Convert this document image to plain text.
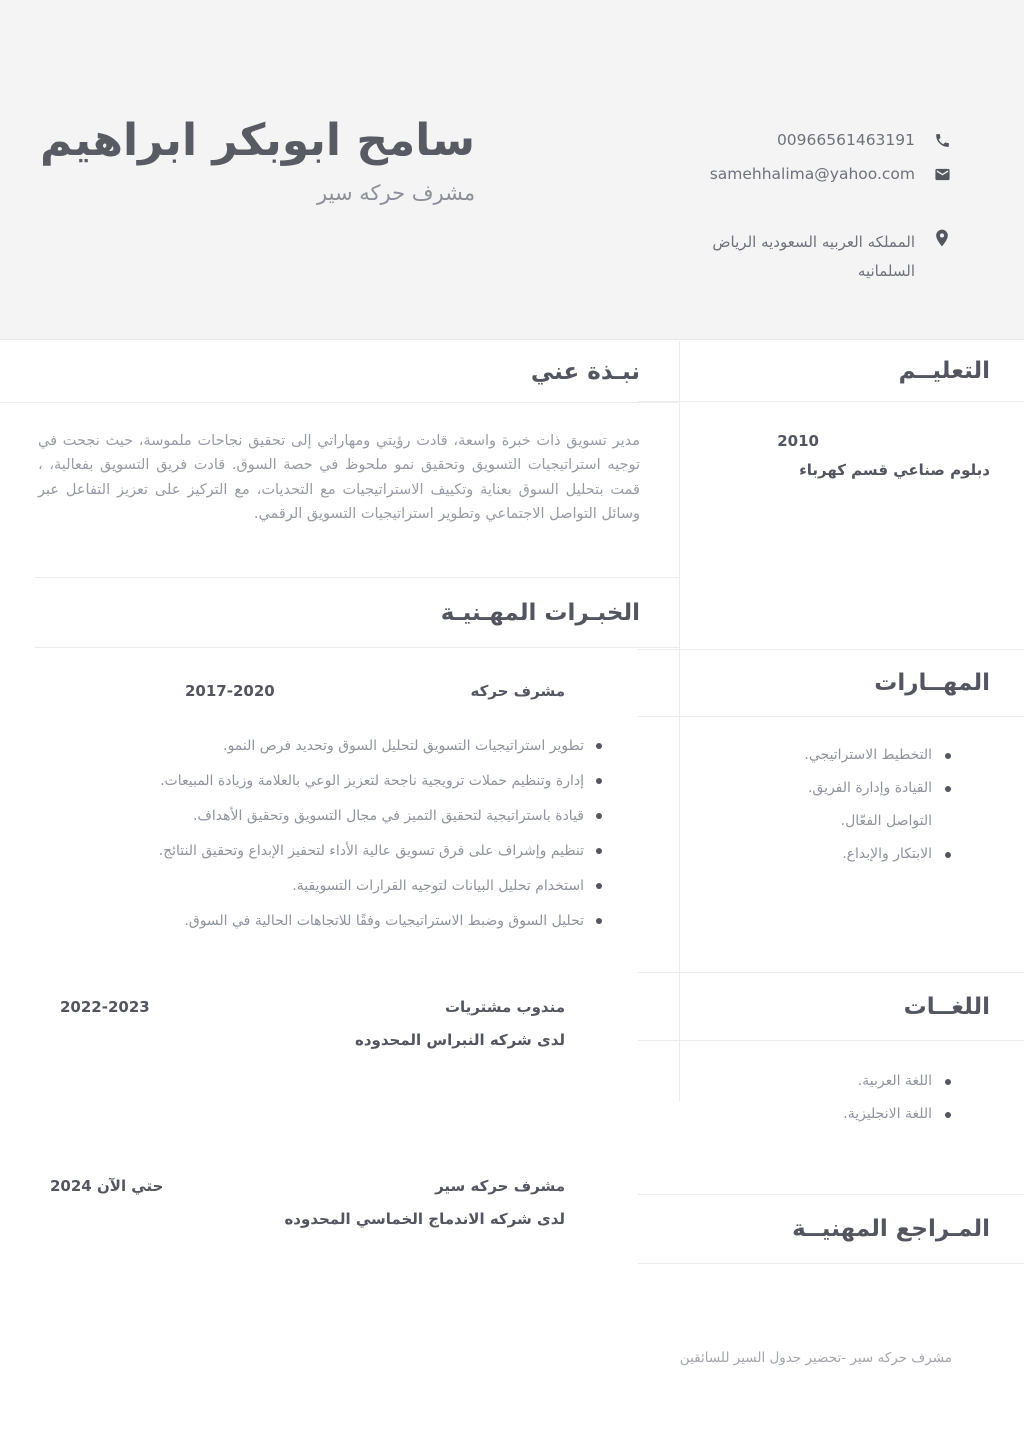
00966561463191
samehhalima@yahoo.com
المملكه العربيه السعوديه الرياض السلمانيه
سامح ابوبكر ابراهيم
مشرف حركه سير
نبـذة عني

مدير تسويق ذات خبرة واسعة، قادت رؤيتي ومهاراتي إلى تحقيق نجاحات ملموسة، حيث نجحت في توجيه استراتيجيات التسويق وتحقيق نمو ملحوظ في حصة السوق. قادت فريق التسويق بفعالية، ، قمت بتحليل السوق بعناية وتكييف الاستراتيجيات مع التحديات، مع التركيز على تعزيز التفاعل عبر وسائل التواصل الاجتماعي وتطوير استراتيجيات التسويق الرقمي.

الخبـرات المهـنيـة
مشرف حركه
2017-2020
تطوير استراتيجيات التسويق لتحليل السوق وتحديد فرص النمو.
إدارة وتنظيم حملات ترويجية ناجحة لتعزيز الوعي بالعلامة وزيادة المبيعات.
قيادة باستراتيجية لتحقيق التميز في مجال التسويق وتحقيق الأهداف.
تنظيم وإشراف على فرق تسويق عالية الأداء لتحفيز الإبداع وتحقيق النتائج.
استخدام تحليل البيانات لتوجيه القرارات التسويقية.
تحليل السوق وضبط الاستراتيجيات وفقًا للاتجاهات الحالية في السوق.
مندوب مشتريات
2022-2023
لدى شركه النبراس المحدوده
مشرف حركه سير
حتي الآن 2024
لدى شركه الاندماج الخماسي المحدوده
التعليــم
2010
دبلوم صناعي قسم كهرباء
المهــارات
التخطيط الاستراتيجي.
القيادة وإدارة الفريق.
التواصل الفعّال.
الابتكار والإبداع.
اللغــات
اللغة العربية.
اللغة الانجليزية.
المـراجع المهنيــة
مشرف حركه سير -تحضير جدول السير للسائقين
